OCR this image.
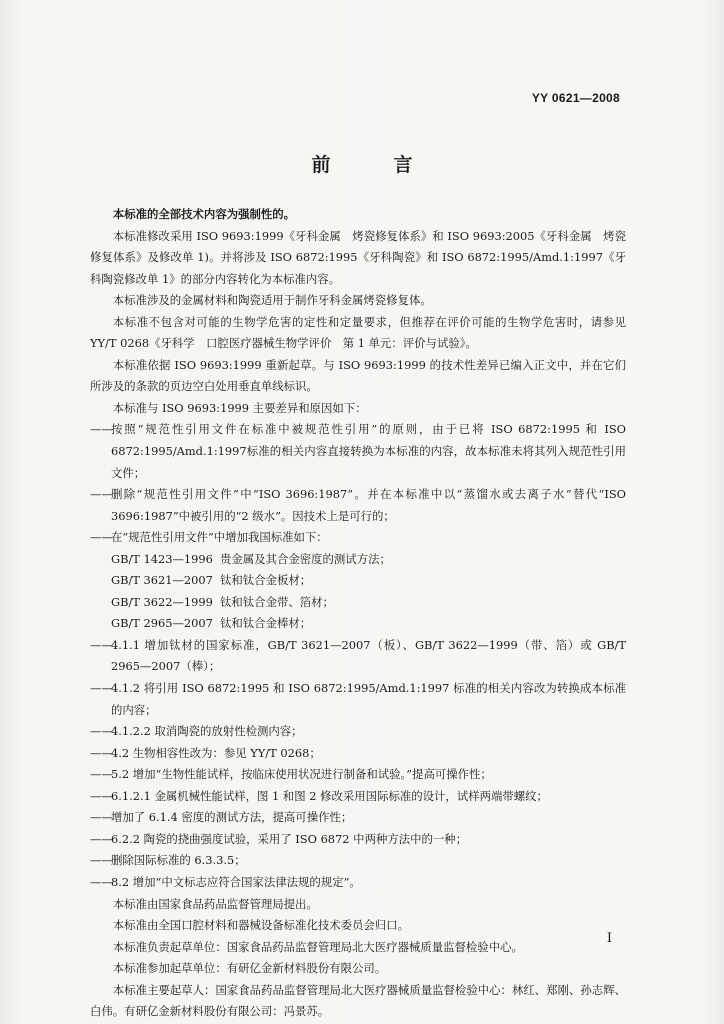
YY 0621—2008
前　言

本标准的全部技术内容为强制性的。

本标准修改采用 ISO 9693:1999《牙科金属　烤瓷修复体系》和 ISO 9693:2005《牙科金属　烤瓷修复体系》及修改单 1)。并将涉及 ISO 6872:1995《牙科陶瓷》和 ISO 6872:1995/Amd.1:1997《牙科陶瓷修改单 1》的部分内容转化为本标准内容。

本标准涉及的金属材料和陶瓷适用于制作牙科金属烤瓷修复体。

本标准不包含对可能的生物学危害的定性和定量要求，但推荐在评价可能的生物学危害时，请参见 YY/T 0268《牙科学　口腔医疗器械生物学评价　第 1 单元：评价与试验》。

本标准依据 ISO 9693:1999 重新起草。与 ISO 9693:1999 的技术性差异已编入正文中，并在它们所涉及的条款的页边空白处用垂直单线标识。

本标准与 ISO 9693:1999 主要差异和原因如下：

——
按照“规范性引用文件在标准中被规范性引用”的原则，由于已将 ISO 6872:1995 和 ISO 6872:1995/Amd.1:1997标准的相关内容直接转换为本标准的内容，故本标准未将其列入规范性引用文件；

——
删除“规范性引用文件”中“ISO 3696:1987”。并在本标准中以“蒸馏水或去离子水”替代“ISO 3696:1987”中被引用的“2 级水”。因技术上是可行的；

——
在“规范性引用文件”中增加我国标准如下：

GB/T 1423—1996 贵金属及其合金密度的测试方法；

GB/T 3621—2007 钛和钛合金板材；

GB/T 3622—1999 钛和钛合金带、箔材；

GB/T 2965—2007 钛和钛合金棒材；

——
4.1.1 增加钛材的国家标准，GB/T 3621—2007（板）、GB/T 3622—1999（带、箔）或 GB/T 2965—2007（棒）；

——
4.1.2 将引用 ISO 6872:1995 和 ISO 6872:1995/Amd.1:1997 标准的相关内容改为转换成本标准的内容；

——
4.1.2.2 取消陶瓷的放射性检测内容；

——
4.2 生物相容性改为：参见 YY/T 0268；

——
5.2 增加“生物性能试样，按临床使用状况进行制备和试验。”提高可操作性；

——
6.1.2.1 金属机械性能试样，图 1 和图 2 修改采用国际标准的设计，试样两端带螺纹；

——
增加了 6.1.4 密度的测试方法，提高可操作性；

——
6.2.2 陶瓷的挠曲强度试验，采用了 ISO 6872 中两种方法中的一种；

——
删除国际标准的 6.3.3.5；

——
8.2 增加“中文标志应符合国家法律法规的规定”。

本标准由国家食品药品监督管理局提出。

本标准由全国口腔材料和器械设备标准化技术委员会归口。

本标准负责起草单位：国家食品药品监督管理局北大医疗器械质量监督检验中心。

本标准参加起草单位：有研亿金新材料股份有限公司。

本标准主要起草人：国家食品药品监督管理局北大医疗器械质量监督检验中心：林红、郑刚、孙志辉、白伟。有研亿金新材料股份有限公司：冯景苏。

I
